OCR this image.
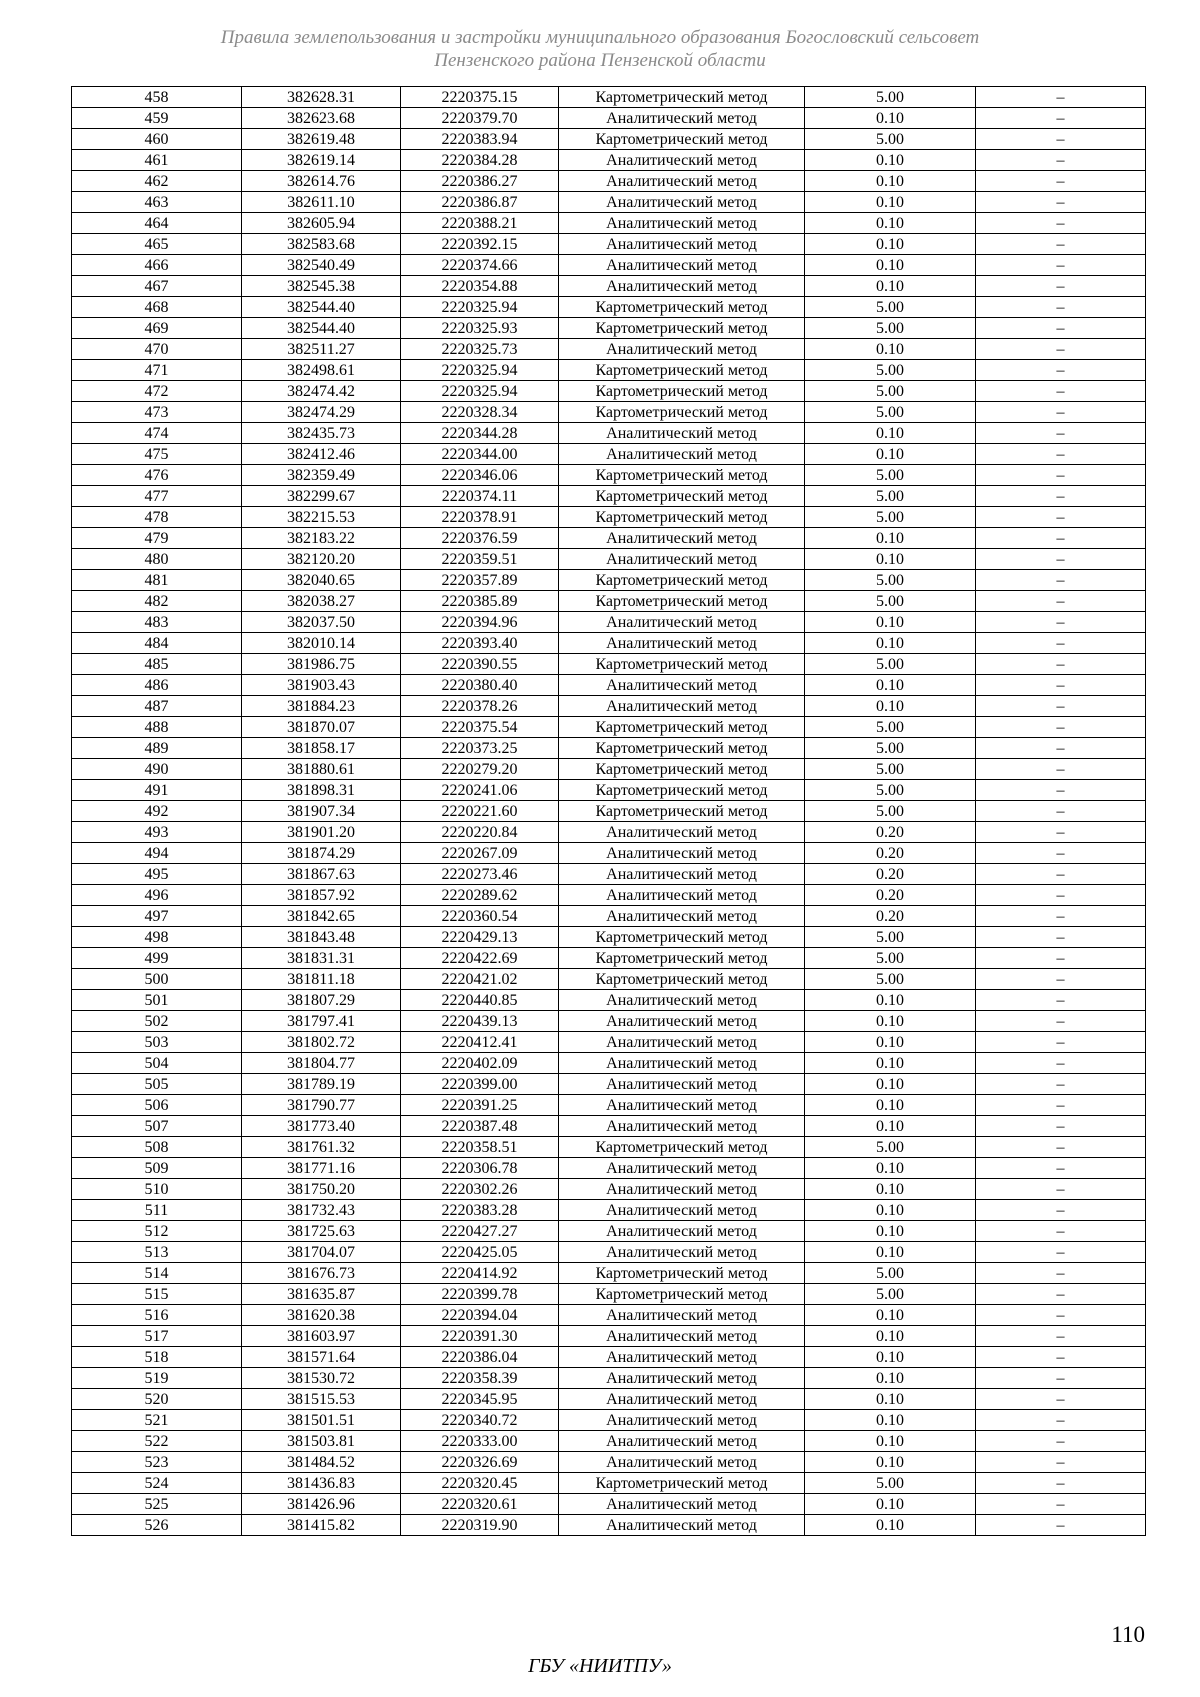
Правила землепользования и застройки муниципального образования Богословский сельсовет
Пензенского района Пензенской области
458	382628.31	2220375.15	Картометрический метод	5.00	–
459	382623.68	2220379.70	Аналитический метод	0.10	–
460	382619.48	2220383.94	Картометрический метод	5.00	–
461	382619.14	2220384.28	Аналитический метод	0.10	–
462	382614.76	2220386.27	Аналитический метод	0.10	–
463	382611.10	2220386.87	Аналитический метод	0.10	–
464	382605.94	2220388.21	Аналитический метод	0.10	–
465	382583.68	2220392.15	Аналитический метод	0.10	–
466	382540.49	2220374.66	Аналитический метод	0.10	–
467	382545.38	2220354.88	Аналитический метод	0.10	–
468	382544.40	2220325.94	Картометрический метод	5.00	–
469	382544.40	2220325.93	Картометрический метод	5.00	–
470	382511.27	2220325.73	Аналитический метод	0.10	–
471	382498.61	2220325.94	Картометрический метод	5.00	–
472	382474.42	2220325.94	Картометрический метод	5.00	–
473	382474.29	2220328.34	Картометрический метод	5.00	–
474	382435.73	2220344.28	Аналитический метод	0.10	–
475	382412.46	2220344.00	Аналитический метод	0.10	–
476	382359.49	2220346.06	Картометрический метод	5.00	–
477	382299.67	2220374.11	Картометрический метод	5.00	–
478	382215.53	2220378.91	Картометрический метод	5.00	–
479	382183.22	2220376.59	Аналитический метод	0.10	–
480	382120.20	2220359.51	Аналитический метод	0.10	–
481	382040.65	2220357.89	Картометрический метод	5.00	–
482	382038.27	2220385.89	Картометрический метод	5.00	–
483	382037.50	2220394.96	Аналитический метод	0.10	–
484	382010.14	2220393.40	Аналитический метод	0.10	–
485	381986.75	2220390.55	Картометрический метод	5.00	–
486	381903.43	2220380.40	Аналитический метод	0.10	–
487	381884.23	2220378.26	Аналитический метод	0.10	–
488	381870.07	2220375.54	Картометрический метод	5.00	–
489	381858.17	2220373.25	Картометрический метод	5.00	–
490	381880.61	2220279.20	Картометрический метод	5.00	–
491	381898.31	2220241.06	Картометрический метод	5.00	–
492	381907.34	2220221.60	Картометрический метод	5.00	–
493	381901.20	2220220.84	Аналитический метод	0.20	–
494	381874.29	2220267.09	Аналитический метод	0.20	–
495	381867.63	2220273.46	Аналитический метод	0.20	–
496	381857.92	2220289.62	Аналитический метод	0.20	–
497	381842.65	2220360.54	Аналитический метод	0.20	–
498	381843.48	2220429.13	Картометрический метод	5.00	–
499	381831.31	2220422.69	Картометрический метод	5.00	–
500	381811.18	2220421.02	Картометрический метод	5.00	–
501	381807.29	2220440.85	Аналитический метод	0.10	–
502	381797.41	2220439.13	Аналитический метод	0.10	–
503	381802.72	2220412.41	Аналитический метод	0.10	–
504	381804.77	2220402.09	Аналитический метод	0.10	–
505	381789.19	2220399.00	Аналитический метод	0.10	–
506	381790.77	2220391.25	Аналитический метод	0.10	–
507	381773.40	2220387.48	Аналитический метод	0.10	–
508	381761.32	2220358.51	Картометрический метод	5.00	–
509	381771.16	2220306.78	Аналитический метод	0.10	–
510	381750.20	2220302.26	Аналитический метод	0.10	–
511	381732.43	2220383.28	Аналитический метод	0.10	–
512	381725.63	2220427.27	Аналитический метод	0.10	–
513	381704.07	2220425.05	Аналитический метод	0.10	–
514	381676.73	2220414.92	Картометрический метод	5.00	–
515	381635.87	2220399.78	Картометрический метод	5.00	–
516	381620.38	2220394.04	Аналитический метод	0.10	–
517	381603.97	2220391.30	Аналитический метод	0.10	–
518	381571.64	2220386.04	Аналитический метод	0.10	–
519	381530.72	2220358.39	Аналитический метод	0.10	–
520	381515.53	2220345.95	Аналитический метод	0.10	–
521	381501.51	2220340.72	Аналитический метод	0.10	–
522	381503.81	2220333.00	Аналитический метод	0.10	–
523	381484.52	2220326.69	Аналитический метод	0.10	–
524	381436.83	2220320.45	Картометрический метод	5.00	–
525	381426.96	2220320.61	Аналитический метод	0.10	–
526	381415.82	2220319.90	Аналитический метод	0.10	–
110
ГБУ «НИИТПУ»
